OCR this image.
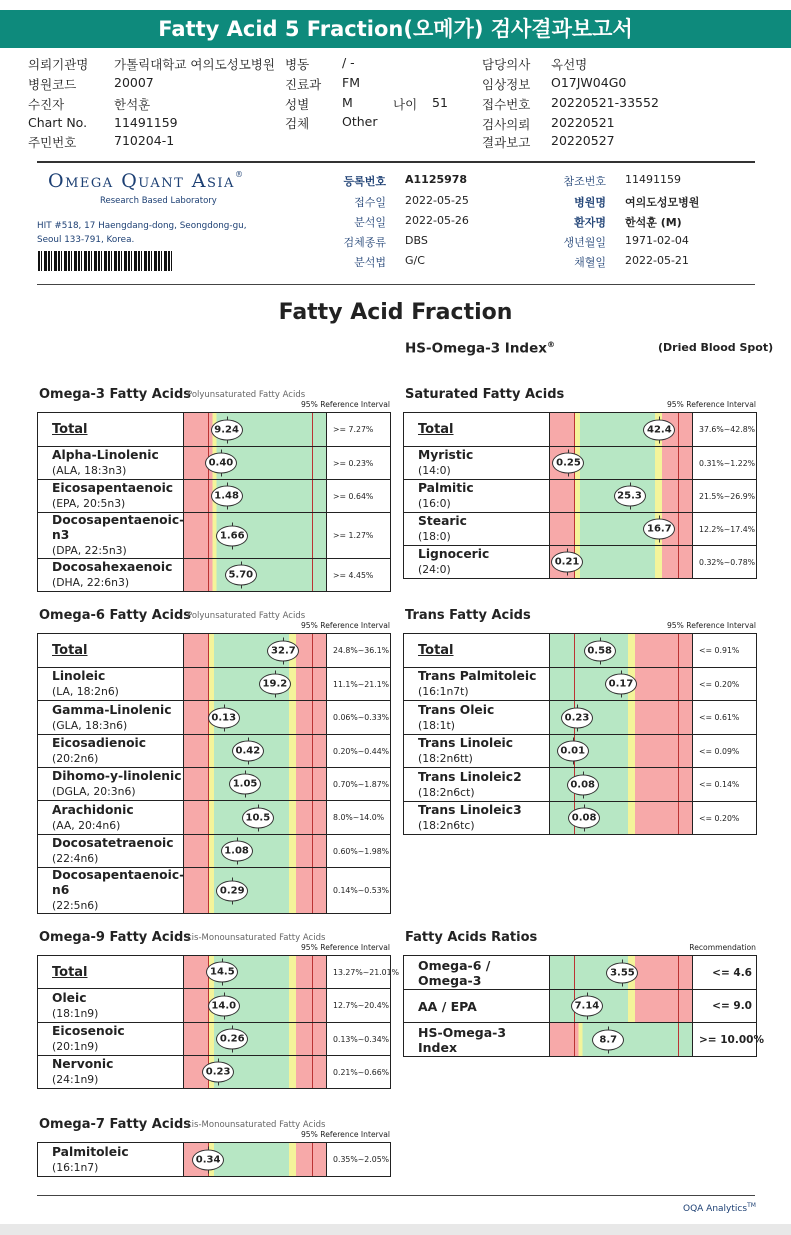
Fatty Acid 5 Fraction(오메가) 검사결과보고서
의뢰기관명 가톨릭대학교 여의도성모병원
병원코드	20007
수진자	한석훈
Chart No. 11491159
주민번호	710204-1
병동	/ -
진료과 FM
성별	M
검체	Other
담당의사 옥선명
임상정보 O17JW04G0
접수번호 20220521-33552
검사의뢰 20220521
결과보고 20220527
나이 51
Omega Quant Asia®
Research Based Laboratory
HIT #518, 17 Haengdang-dong, Seongdong-gu,
Seoul 133-791, Korea.
등록번호 A1125978
접수일 2022-05-25
분석일 2022-05-26
검체종류 DBS
분석법 G/C
참조번호 11491159
병원명 여의도성모병원
환자명 한석훈 (M)
생년월일 1971-02-04
채혈일 2022-05-21
Fatty Acid Fraction
HS-Omega-3 Index®	(Dried Blood Spot)
Omega-3 Fatty Acids
Polyunsaturated Fatty Acids
95% Reference Interval
Total	9.24	>= 7.27%

Alpha-Linolenic
(ALA, 18:3n3)	0.40	>= 0.23%

Eicosapentaenoic
(EPA, 20:5n3)	1.48	>= 0.64%

Docosapentaenoic-n3
(DPA, 22:5n3)	1.66	>= 1.27%

Docosahexaenoic
(DHA, 22:6n3)	5.70	>= 4.45%
Saturated Fatty Acids
95% Reference Interval
Total	42.4	37.6%~42.8%

Myristic
(14:0)	0.25	0.31%~1.22%

Palmitic
(16:0)	25.3	21.5%~26.9%

Stearic
(18:0)	16.7	12.2%~17.4%

Lignoceric
(24:0)	0.21	0.32%~0.78%
Omega-6 Fatty Acids
Polyunsaturated Fatty Acids
95% Reference Interval
Total	32.7	24.8%~36.1%

Linoleic
(LA, 18:2n6)	19.2	11.1%~21.1%

Gamma-Linolenic
(GLA, 18:3n6)	0.13	0.06%~0.33%

Eicosadienoic
(20:2n6)	0.42	0.20%~0.44%

Dihomo-y-linolenic
(DGLA, 20:3n6)	1.05	0.70%~1.87%

Arachidonic
(AA, 20:4n6)	10.5	8.0%~14.0%

Docosatetraenoic
(22:4n6)	1.08	0.60%~1.98%

Docosapentaenoic-n6
(22:5n6)	0.29	0.14%~0.53%
Trans Fatty Acids
95% Reference Interval
Total	0.58	<= 0.91%

Trans Palmitoleic
(16:1n7t)	0.17	<= 0.20%

Trans Oleic
(18:1t)	0.23	<= 0.61%

Trans Linoleic
(18:2n6tt)	0.01	<= 0.09%

Trans Linoleic2
(18:2n6ct)	0.08	<= 0.14%

Trans Linoleic3
(18:2n6tc)	0.08	<= 0.20%
Omega-9 Fatty Acids
cis-Monounsaturated Fatty Acids
95% Reference Interval
Total	14.5	13.27%~21.01%

Oleic
(18:1n9)	14.0	12.7%~20.4%

Eicosenoic
(20:1n9)	0.26	0.13%~0.34%

Nervonic
(24:1n9)	0.23	0.21%~0.66%
Fatty Acids Ratios
Recommendation
Omega-6 / Omega-3	3.55	<= 4.6

AA / EPA	7.14	<= 9.0

HS-Omega-3 Index	8.7	>= 10.00%
Omega-7 Fatty Acids
cis-Monounsaturated Fatty Acids
95% Reference Interval
Palmitoleic
(16:1n7)

0.34	0.35%~2.05%
OQA Analytics™
